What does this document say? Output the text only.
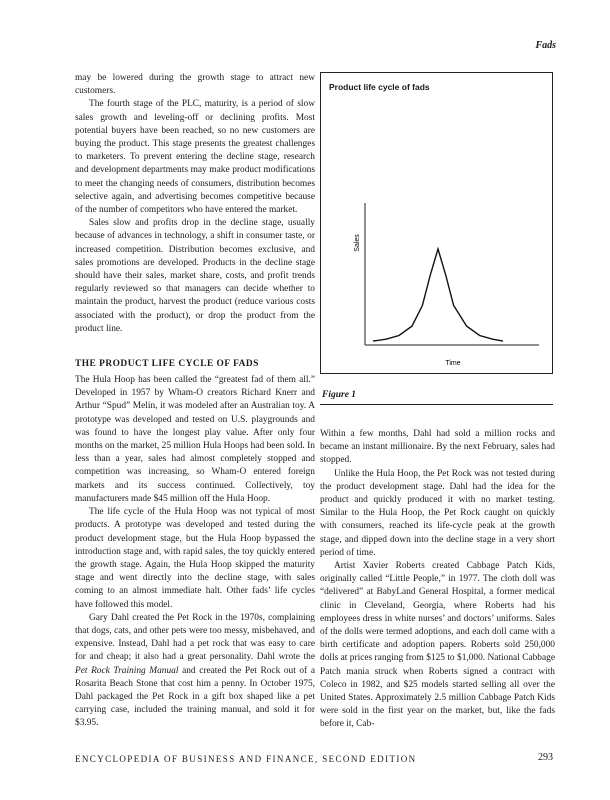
Fads

may be lowered during the growth stage to attract new customers.

The fourth stage of the PLC, maturity, is a period of slow sales growth and leveling-off or declining profits. Most potential buyers have been reached, so no new customers are buying the product. This stage presents the greatest challenges to marketers. To prevent entering the decline stage, research and development departments may make product modifications to meet the changing needs of consumers, distribution becomes selective again, and advertising becomes competitive because of the number of competitors who have entered the market.

Sales slow and profits drop in the decline stage, usually because of advances in technology, a shift in consumer taste, or increased competition. Distribution becomes exclusive, and sales promotions are developed. Products in the decline stage should have their sales, market share, costs, and profit trends regularly reviewed so that managers can decide whether to maintain the product, harvest the product (reduce various costs associated with the product), or drop the product from the product line.

THE PRODUCT LIFE CYCLE OF FADS

The Hula Hoop has been called the “greatest fad of them all.” Developed in 1957 by Wham-O creators Richard Knerr and Arthur “Spud” Melin, it was modeled after an Australian toy. A prototype was developed and tested on U.S. playgrounds and was found to have the longest play value. After only four months on the market, 25 million Hula Hoops had been sold. In less than a year, sales had almost completely stopped and competition was increasing, so Wham-O entered foreign markets and its success continued. Collectively, toy manufacturers made $45 million off the Hula Hoop.

The life cycle of the Hula Hoop was not typical of most products. A prototype was developed and tested during the product development stage, but the Hula Hoop bypassed the introduction stage and, with rapid sales, the toy quickly entered the growth stage. Again, the Hula Hoop skipped the maturity stage and went directly into the decline stage, with sales coming to an almost immediate halt. Other fads’ life cycles have followed this model.

Gary Dahl created the Pet Rock in the 1970s, complaining that dogs, cats, and other pets were too messy, misbehaved, and expensive. Instead, Dahl had a pet rock that was easy to care for and cheap; it also had a great personality. Dahl wrote the Pet Rock Training Manual and created the Pet Rock out of a Rosarita Beach Stone that cost him a penny. In October 1975, Dahl packaged the Pet Rock in a gift box shaped like a pet carrying case, included the training manual, and sold it for $3.95.

Product life cycle of fads
Sales
Time
Figure 1

Within a few months, Dahl had sold a million rocks and became an instant millionaire. By the next February, sales had stopped.

Unlike the Hula Hoop, the Pet Rock was not tested during the product development stage. Dahl had the idea for the product and quickly produced it with no market testing. Similar to the Hula Hoop, the Pet Rock caught on quickly with consumers, reached its life-cycle peak at the growth stage, and dipped down into the decline stage in a very short period of time.

Artist Xavier Roberts created Cabbage Patch Kids, originally called “Little People,” in 1977. The cloth doll was “delivered” at BabyLand General Hospital, a former medical clinic in Cleveland, Georgia, where Roberts had his employees dress in white nurses’ and doctors’ uniforms. Sales of the dolls were termed adoptions, and each doll came with a birth certificate and adoption papers. Roberts sold 250,000 dolls at prices ranging from $125 to $1,000. National Cabbage Patch mania struck when Roberts signed a contract with Coleco in 1982, and $25 models started selling all over the United States. Approximately 2.5 million Cabbage Patch Kids were sold in the first year on the market, but, like the fads before it, Cab-

ENCYCLOPEDIA OF BUSINESS AND FINANCE, SECOND EDITION	293
